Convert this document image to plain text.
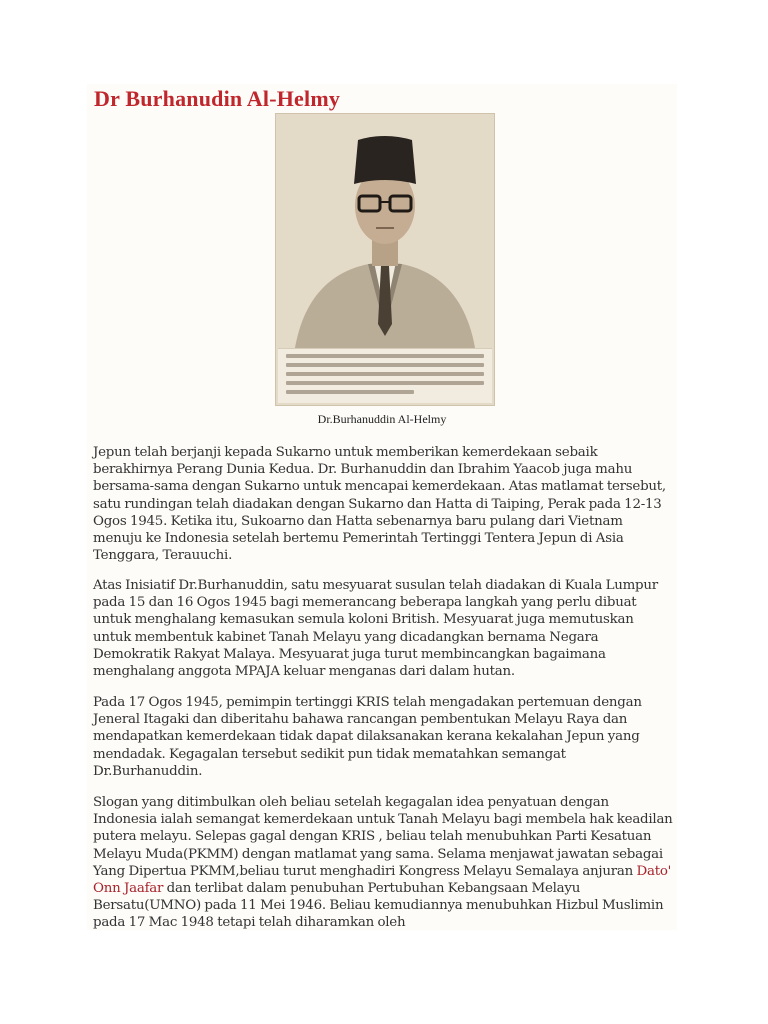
Dr Burhanudin Al-Helmy
Dr.Burhanuddin Al-Helmy

Jepun telah berjanji kepada Sukarno untuk memberikan kemerdekaan sebaik berakhirnya Perang Dunia Kedua. Dr. Burhanuddin dan Ibrahim Yaacob juga mahu bersama-sama dengan Sukarno untuk mencapai kemerdekaan. Atas matlamat tersebut, satu rundingan telah diadakan dengan Sukarno dan Hatta di Taiping, Perak pada 12-13 Ogos 1945. Ketika itu, Sukoarno dan Hatta sebenarnya baru pulang dari Vietnam menuju ke Indonesia setelah bertemu Pemerintah Tertinggi Tentera Jepun di Asia Tenggara, Terauuchi.

Atas Inisiatif Dr.Burhanuddin, satu mesyuarat susulan telah diadakan di Kuala Lumpur pada 15 dan 16 Ogos 1945 bagi memerancang beberapa langkah yang perlu dibuat untuk menghalang kemasukan semula koloni British. Mesyuarat juga memutuskan untuk membentuk kabinet Tanah Melayu yang dicadangkan bernama Negara Demokratik Rakyat Malaya. Mesyuarat juga turut membincangkan bagaimana menghalang anggota MPAJA keluar menganas dari dalam hutan.

Pada 17 Ogos 1945, pemimpin tertinggi KRIS telah mengadakan pertemuan dengan Jeneral Itagaki dan diberitahu bahawa rancangan pembentukan Melayu Raya dan mendapatkan kemerdekaan tidak dapat dilaksanakan kerana kekalahan Jepun yang mendadak. Kegagalan tersebut sedikit pun tidak mematahkan semangat Dr.Burhanuddin.

Slogan yang ditimbulkan oleh beliau setelah kegagalan idea penyatuan dengan Indonesia ialah semangat kemerdekaan untuk Tanah Melayu bagi membela hak keadilan putera melayu. Selepas gagal dengan KRIS , beliau telah menubuhkan Parti Kesatuan Melayu Muda(PKMM) dengan matlamat yang sama. Selama menjawat jawatan sebagai Yang Dipertua PKMM,beliau turut menghadiri Kongress Melayu Semalaya anjuran Dato' Onn Jaafar dan terlibat dalam penubuhan Pertubuhan Kebangsaan Melayu Bersatu(UMNO) pada 11 Mei 1946. Beliau kemudiannya menubuhkan Hizbul Muslimin pada 17 Mac 1948 tetapi telah diharamkan oleh
